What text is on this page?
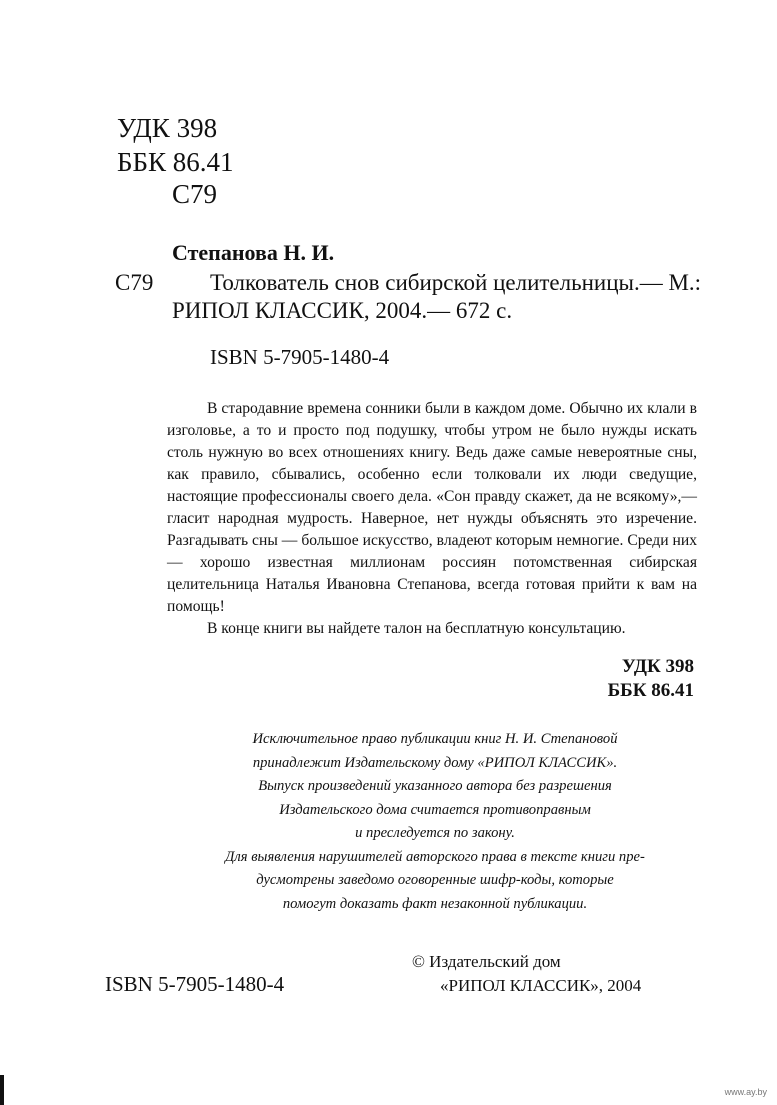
УДК 398
ББК 86.41
С79
Степанова Н. И.
С79 Толкователь снов сибирской целительницы.— М.:
РИПОЛ КЛАССИК, 2004.— 672 с.
ISBN 5-7905-1480-4

В стародавние времена сонники были в каждом доме. Обычно их клали в изголовье, а то и просто под подушку, чтобы утром не было нужды искать столь нужную во всех отношениях книгу. Ведь даже самые невероятные сны, как правило, сбывались, особенно если толковали их люди сведущие, настоящие профессионалы своего дела. «Сон правду скажет, да не всякому»,— гласит народная мудрость. Наверное, нет нужды объяснять это изречение. Разгадывать сны — большое искусство, владеют которым немногие. Среди них — хорошо известная миллионам россиян потомственная сибирская целительница Наталья Ивановна Степанова, всегда готовая прийти к вам на помощь!

В конце книги вы найдете талон на бесплатную консультацию.

УДК 398
ББК 86.41
Исключительное право публикации книг Н. И. Степановой
принадлежит Издательскому дому «РИПОЛ КЛАССИК».
Выпуск произведений указанного автора без разрешения
Издательского дома считается противоправным
и преследуется по закону.
Для выявления нарушителей авторского права в тексте книги пре-
дусмотрены заведомо оговоренные шифр-коды, которые
помогут доказать факт незаконной публикации.
ISBN 5-7905-1480-4
© Издательский дом
«РИПОЛ КЛАССИК», 2004
www.ay.by
